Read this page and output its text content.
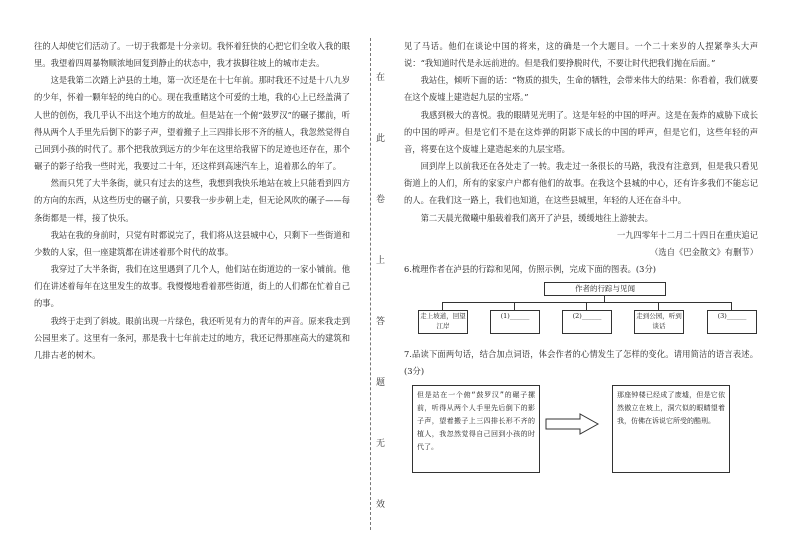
往的人却使它们活动了。一切于我都是十分亲切。我怀着狂快的心把它们全收入我的眼里。我望着四周暴物顺浓地回复到静止的状态中，我才拔脚往坡上的城市走去。

这是我第二次踏上泸县的土地，第一次还是在十七年前。那时我还不过是十八九岁的少年，怀着一颗年轻的纯白的心。现在我重睹这个可爱的土地，我的心上已经盖满了人世的创伤，我几乎认不出这个地方的故址。但是站在一个俯“鼓罗汉”的碾子摞前，听得从两个人手里先后倒下的影子声，望着搬子上三四排长形不齐的植人，我忽然觉得自己回到小孩的时代了。那个把我放到远方的少年在这里给我留下的足迹也还存在，那个碾子的影子给我一些时光，我要过二十年，还这样到高速汽车上，追着那么的年了。

然而只凭了大半条街，就只有过去的这些，我想到我快乐地站在坡上只能看到四方的方向的东西，从这些历史的碾子前，只要我一步步朝上走，但无论风吹的碾子——每条街都是一样，接了快乐。

我站在我的身前时，只觉有时都说完了，我们将从这县城中心，只剩下一些街道和少数的人家，但一座建筑都在讲述着那个时代的故事。

我穿过了大半条街，我们在这里遇到了几个人，他们站在街道边的一家小铺前。他们在讲述着每年在这里发生的故事。我慢慢地看着那些街道，街上的人们都在忙着自己的事。

我终于走到了斜坡。眼前出现一片绿色，我还听见有力的青年的声音。原来我走到公园里来了。这里有一条河，那是我十七年前走过的地方，我还记得那座高大的建筑和几排古老的树木。

在
此
卷
上
答
题
无
效

见了马话。他们在谈论中国的将来，这的确是一个大题目。一个二十来岁的人捏紧拳头大声说：“我知道时代是永远前进的。但是我们要挣脱时代，不要让时代把我们抛在后面。”

我站住，倾听下面的话：“物质的损失，生命的牺牲，会带来伟大的结果：你看着，我们就要在这个废墟上建造起九层的宝塔。”

我感到极大的喜悦。我的眼睛见光明了。这是年轻的中国的呼声。这是在轰炸的威胁下成长的中国的呼声。但是它们不是在这炸弹的阴影下成长的中国的呼声，但是它们，这些年轻的声音，将要在这个废墟上建造起来的九层宝塔。

回到岸上以前我还在各处走了一转。我走过一条很长的马路，我没有注意到，但是我只看见街道上的人们，所有的家家户户都有他们的故事。在我这个县城的中心，还有许多我们不能忘记的人。在我们这一路上，我们也知道，在这些县城里，年轻的人还在奋斗中。

第二天晨光微曦中船载着我们离开了泸县，缓缓地往上游驶去。

一九四零年十二月二十四日在重庆追记

（选自《巴金散文》有删节）

6.梳理作者在泸县的行踪和见闻，仿照示例，完成下面的图表。(3分)

作者的行踪与见闻
走上坡道，回望江岸
(1)______	(2)______	走到公园，听到谈话
(3)______

7.品读下面两句话，结合加点词语，体会作者的心情发生了怎样的变化。请用简洁的语言表述。(3分)

但是站在一个俯“鼓罗汉”的碾子摞前，听得从两个人手里先后倒下的影子声，望着搬子上三四排长形不齐的植人，我忽然觉得自己回到小孩的时代了。
那座钟楼已经成了废墟，但是它依然傲立在坡上，洞穴似的眼睛望着我，仿佛在诉说它所受的酷刑。
